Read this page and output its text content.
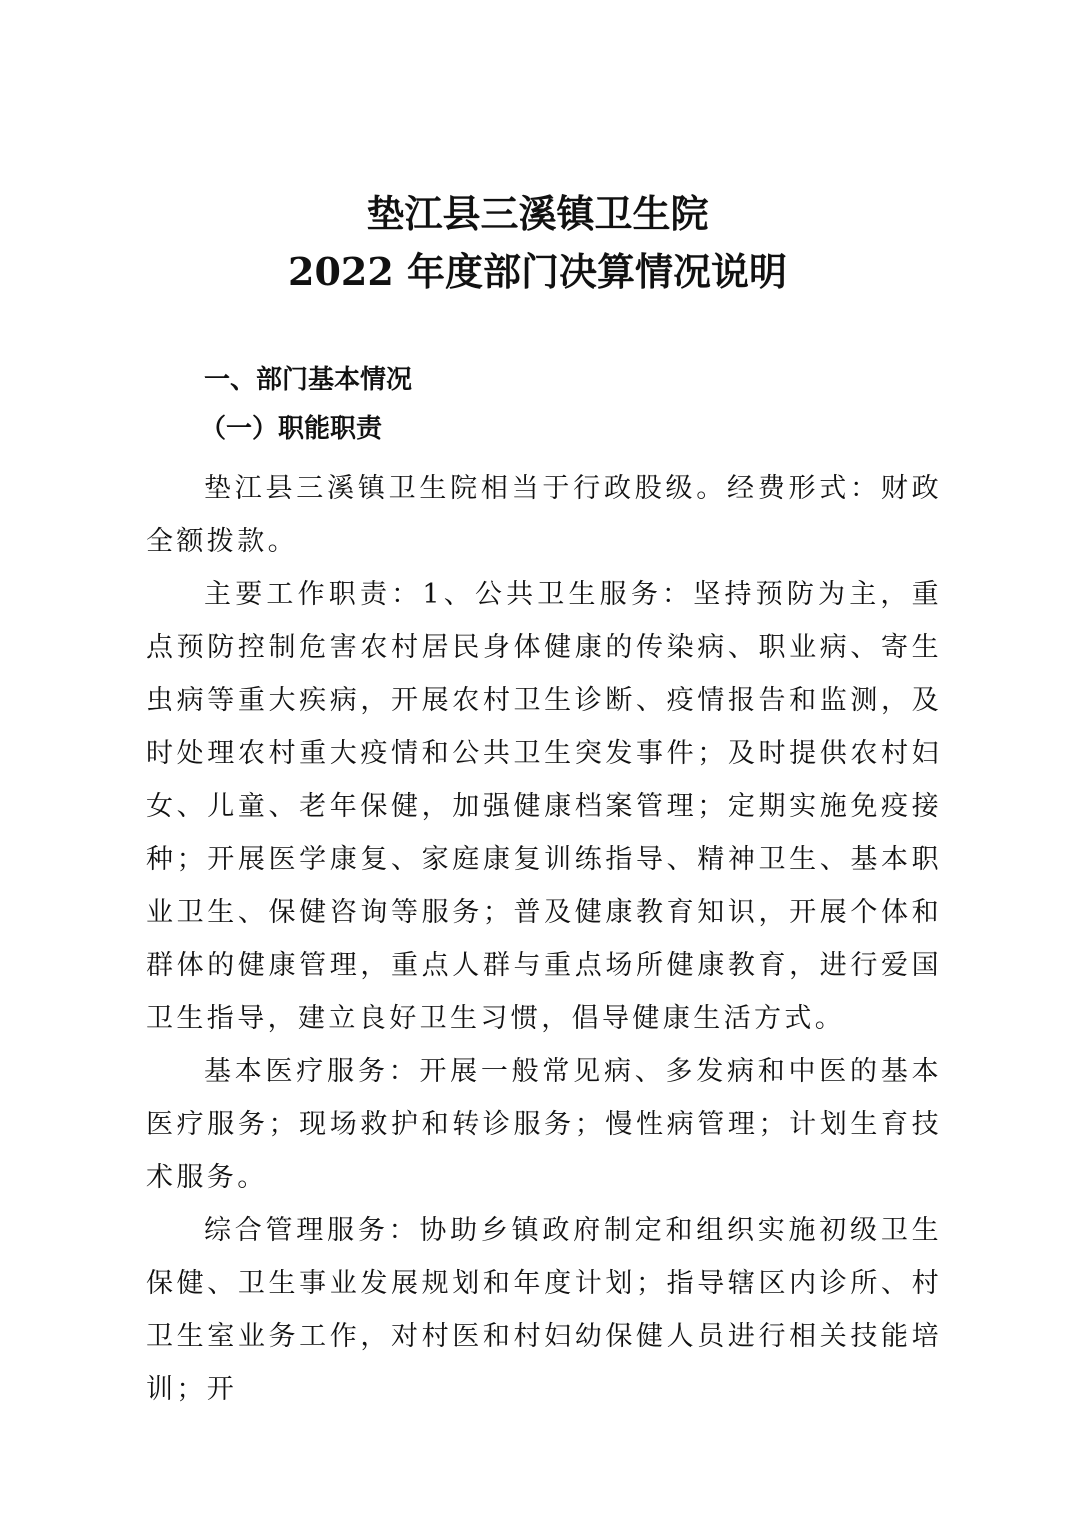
垫江县三溪镇卫生院
2022 年度部门决算情况说明
一、部门基本情况
（一）职能职责

垫江县三溪镇卫生院相当于行政股级。经费形式：财政全额拨款。

主要工作职责：1、公共卫生服务：坚持预防为主，重点预防控制危害农村居民身体健康的传染病、职业病、寄生虫病等重大疾病，开展农村卫生诊断、疫情报告和监测，及时处理农村重大疫情和公共卫生突发事件；及时提供农村妇女、儿童、老年保健，加强健康档案管理；定期实施免疫接种；开展医学康复、家庭康复训练指导、精神卫生、基本职业卫生、保健咨询等服务；普及健康教育知识，开展个体和群体的健康管理，重点人群与重点场所健康教育，进行爱国卫生指导，建立良好卫生习惯，倡导健康生活方式。

基本医疗服务：开展一般常见病、多发病和中医的基本医疗服务；现场救护和转诊服务；慢性病管理；计划生育技术服务。

综合管理服务：协助乡镇政府制定和组织实施初级卫生保健、卫生事业发展规划和年度计划；指导辖区内诊所、村卫生室业务工作，对村医和村妇幼保健人员进行相关技能培训；开
